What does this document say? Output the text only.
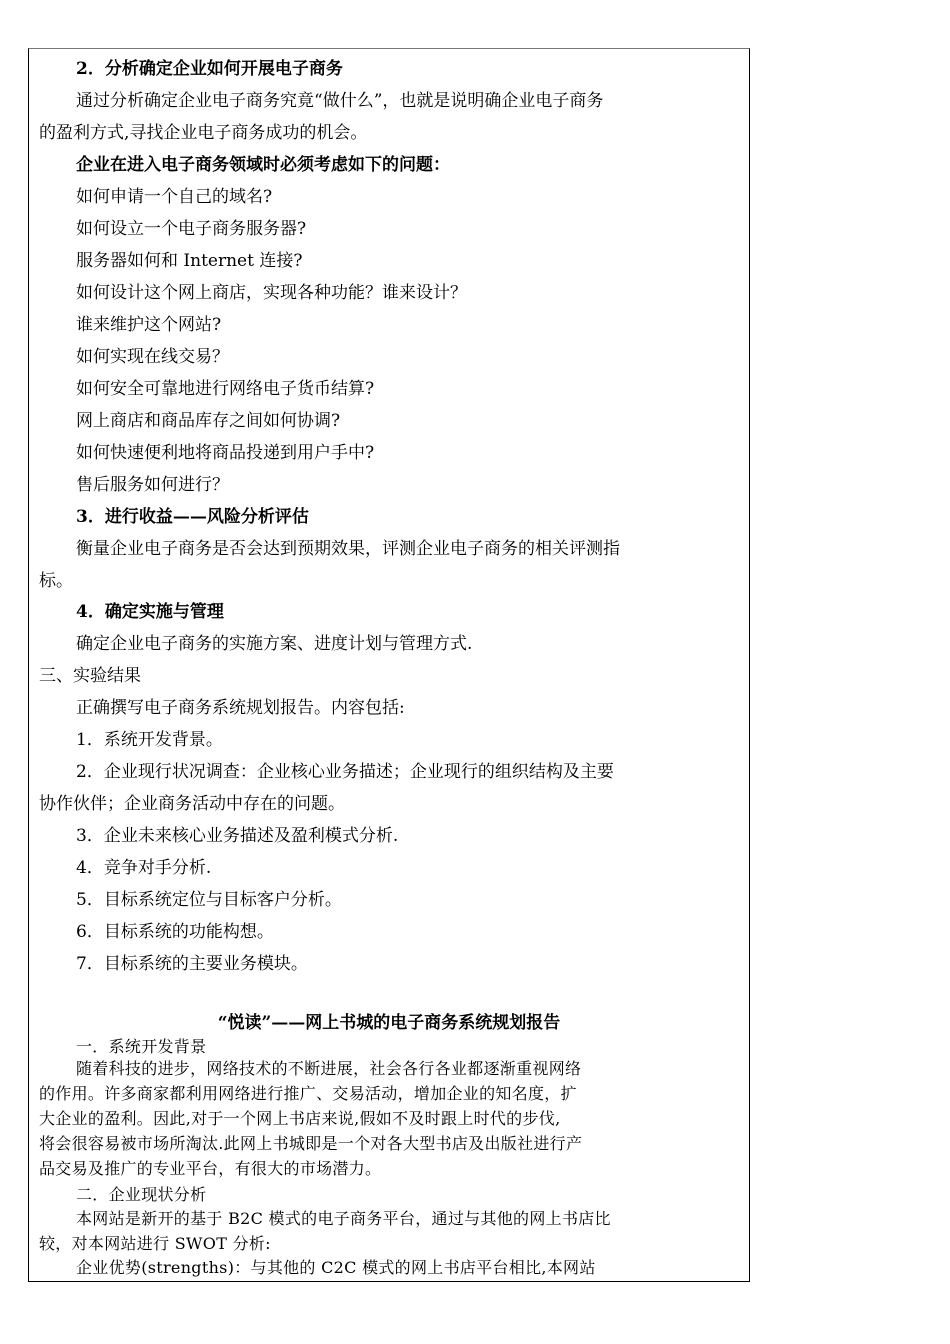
2．分析确定企业如何开展电子商务
通过分析确定企业电子商务究竟“做什么”，也就是说明确企业电子商务
的盈利方式,寻找企业电子商务成功的机会。
企业在进入电子商务领域时必须考虑如下的问题：
如何申请一个自己的域名?
如何设立一个电子商务服务器?
服务器如何和 Internet 连接?
如何设计这个网上商店，实现各种功能？谁来设计？
谁来维护这个网站?
如何实现在线交易？
如何安全可靠地进行网络电子货币结算?
网上商店和商品库存之间如何协调?
如何快速便利地将商品投递到用户手中?
售后服务如何进行？
3．进行收益——风险分析评估
衡量企业电子商务是否会达到预期效果，评测企业电子商务的相关评测指
标。
4．确定实施与管理
确定企业电子商务的实施方案、进度计划与管理方式.
三、实验结果
正确撰写电子商务系统规划报告。内容包括:
1．系统开发背景。
2．企业现行状况调查：企业核心业务描述；企业现行的组织结构及主要
协作伙伴；企业商务活动中存在的问题。
3．企业未来核心业务描述及盈利模式分析.
4．竞争对手分析.
5．目标系统定位与目标客户分析。
6．目标系统的功能构想。
7．目标系统的主要业务模块。
“悦读”——网上书城的电子商务系统规划报告
一．系统开发背景
随着科技的进步，网络技术的不断进展，社会各行各业都逐渐重视网络
的作用。许多商家都利用网络进行推广、交易活动，增加企业的知名度，扩
大企业的盈利。因此,对于一个网上书店来说,假如不及时跟上时代的步伐,
将会很容易被市场所淘汰.此网上书城即是一个对各大型书店及出版社进行产
品交易及推广的专业平台，有很大的市场潜力。
二．企业现状分析
本网站是新开的基于 B2C 模式的电子商务平台，通过与其他的网上书店比
较，对本网站进行 SWOT 分析:
企业优势(strengths)：与其他的 C2C 模式的网上书店平台相比,本网站
